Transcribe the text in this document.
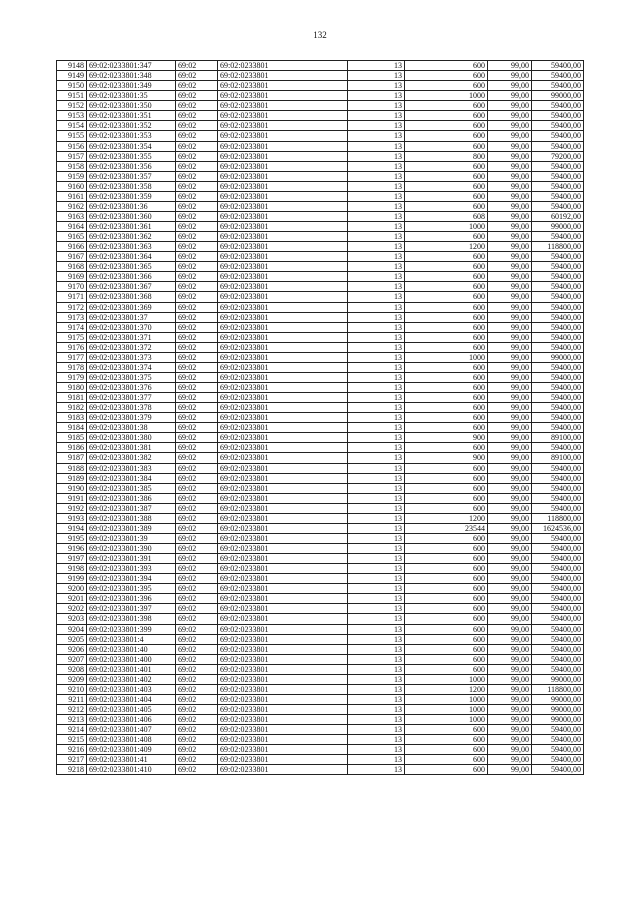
132
9148	69:02:0233801:347	69:02	69:02:0233801	13	600	99,00	59400,00
9149	69:02:0233801:348	69:02	69:02:0233801	13	600	99,00	59400,00
9150	69:02:0233801:349	69:02	69:02:0233801	13	600	99,00	59400,00
9151	69:02:0233801:35	69:02	69:02:0233801	13	1000	99,00	99000,00
9152	69:02:0233801:350	69:02	69:02:0233801	13	600	99,00	59400,00
9153	69:02:0233801:351	69:02	69:02:0233801	13	600	99,00	59400,00
9154	69:02:0233801:352	69:02	69:02:0233801	13	600	99,00	59400,00
9155	69:02:0233801:353	69:02	69:02:0233801	13	600	99,00	59400,00
9156	69:02:0233801:354	69:02	69:02:0233801	13	600	99,00	59400,00
9157	69:02:0233801:355	69:02	69:02:0233801	13	800	99,00	79200,00
9158	69:02:0233801:356	69:02	69:02:0233801	13	600	99,00	59400,00
9159	69:02:0233801:357	69:02	69:02:0233801	13	600	99,00	59400,00
9160	69:02:0233801:358	69:02	69:02:0233801	13	600	99,00	59400,00
9161	69:02:0233801:359	69:02	69:02:0233801	13	600	99,00	59400,00
9162	69:02:0233801:36	69:02	69:02:0233801	13	600	99,00	59400,00
9163	69:02:0233801:360	69:02	69:02:0233801	13	608	99,00	60192,00
9164	69:02:0233801:361	69:02	69:02:0233801	13	1000	99,00	99000,00
9165	69:02:0233801:362	69:02	69:02:0233801	13	600	99,00	59400,00
9166	69:02:0233801:363	69:02	69:02:0233801	13	1200	99,00	118800,00
9167	69:02:0233801:364	69:02	69:02:0233801	13	600	99,00	59400,00
9168	69:02:0233801:365	69:02	69:02:0233801	13	600	99,00	59400,00
9169	69:02:0233801:366	69:02	69:02:0233801	13	600	99,00	59400,00
9170	69:02:0233801:367	69:02	69:02:0233801	13	600	99,00	59400,00
9171	69:02:0233801:368	69:02	69:02:0233801	13	600	99,00	59400,00
9172	69:02:0233801:369	69:02	69:02:0233801	13	600	99,00	59400,00
9173	69:02:0233801:37	69:02	69:02:0233801	13	600	99,00	59400,00
9174	69:02:0233801:370	69:02	69:02:0233801	13	600	99,00	59400,00
9175	69:02:0233801:371	69:02	69:02:0233801	13	600	99,00	59400,00
9176	69:02:0233801:372	69:02	69:02:0233801	13	600	99,00	59400,00
9177	69:02:0233801:373	69:02	69:02:0233801	13	1000	99,00	99000,00
9178	69:02:0233801:374	69:02	69:02:0233801	13	600	99,00	59400,00
9179	69:02:0233801:375	69:02	69:02:0233801	13	600	99,00	59400,00
9180	69:02:0233801:376	69:02	69:02:0233801	13	600	99,00	59400,00
9181	69:02:0233801:377	69:02	69:02:0233801	13	600	99,00	59400,00
9182	69:02:0233801:378	69:02	69:02:0233801	13	600	99,00	59400,00
9183	69:02:0233801:379	69:02	69:02:0233801	13	600	99,00	59400,00
9184	69:02:0233801:38	69:02	69:02:0233801	13	600	99,00	59400,00
9185	69:02:0233801:380	69:02	69:02:0233801	13	900	99,00	89100,00
9186	69:02:0233801:381	69:02	69:02:0233801	13	600	99,00	59400,00
9187	69:02:0233801:382	69:02	69:02:0233801	13	900	99,00	89100,00
9188	69:02:0233801:383	69:02	69:02:0233801	13	600	99,00	59400,00
9189	69:02:0233801:384	69:02	69:02:0233801	13	600	99,00	59400,00
9190	69:02:0233801:385	69:02	69:02:0233801	13	600	99,00	59400,00
9191	69:02:0233801:386	69:02	69:02:0233801	13	600	99,00	59400,00
9192	69:02:0233801:387	69:02	69:02:0233801	13	600	99,00	59400,00
9193	69:02:0233801:388	69:02	69:02:0233801	13	1200	99,00	118800,00
9194	69:02:0233801:389	69:02	69:02:0233801	13	23544	99,00	1624536,00
9195	69:02:0233801:39	69:02	69:02:0233801	13	600	99,00	59400,00
9196	69:02:0233801:390	69:02	69:02:0233801	13	600	99,00	59400,00
9197	69:02:0233801:391	69:02	69:02:0233801	13	600	99,00	59400,00
9198	69:02:0233801:393	69:02	69:02:0233801	13	600	99,00	59400,00
9199	69:02:0233801:394	69:02	69:02:0233801	13	600	99,00	59400,00
9200	69:02:0233801:395	69:02	69:02:0233801	13	600	99,00	59400,00
9201	69:02:0233801:396	69:02	69:02:0233801	13	600	99,00	59400,00
9202	69:02:0233801:397	69:02	69:02:0233801	13	600	99,00	59400,00
9203	69:02:0233801:398	69:02	69:02:0233801	13	600	99,00	59400,00
9204	69:02:0233801:399	69:02	69:02:0233801	13	600	99,00	59400,00
9205	69:02:0233801:4	69:02	69:02:0233801	13	600	99,00	59400,00
9206	69:02:0233801:40	69:02	69:02:0233801	13	600	99,00	59400,00
9207	69:02:0233801:400	69:02	69:02:0233801	13	600	99,00	59400,00
9208	69:02:0233801:401	69:02	69:02:0233801	13	600	99,00	59400,00
9209	69:02:0233801:402	69:02	69:02:0233801	13	1000	99,00	99000,00
9210	69:02:0233801:403	69:02	69:02:0233801	13	1200	99,00	118800,00
9211	69:02:0233801:404	69:02	69:02:0233801	13	1000	99,00	99000,00
9212	69:02:0233801:405	69:02	69:02:0233801	13	1000	99,00	99000,00
9213	69:02:0233801:406	69:02	69:02:0233801	13	1000	99,00	99000,00
9214	69:02:0233801:407	69:02	69:02:0233801	13	600	99,00	59400,00
9215	69:02:0233801:408	69:02	69:02:0233801	13	600	99,00	59400,00
9216	69:02:0233801:409	69:02	69:02:0233801	13	600	99,00	59400,00
9217	69:02:0233801:41	69:02	69:02:0233801	13	600	99,00	59400,00
9218	69:02:0233801:410	69:02	69:02:0233801	13	600	99,00	59400,00
